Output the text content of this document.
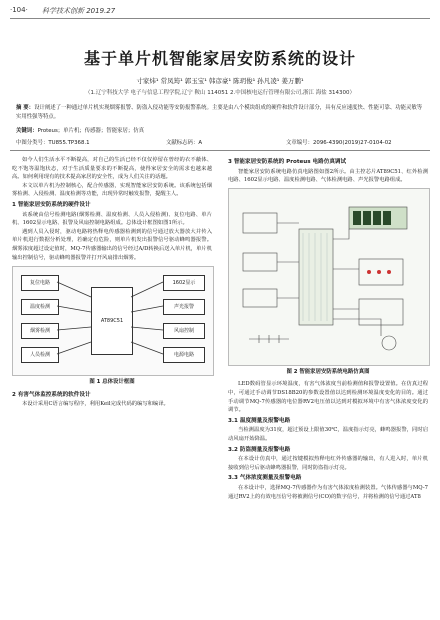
·104· 科学技术创新 2019.27
基于单片机智能家居安防系统的设计
寸家炜¹ 常凤筠¹ 郭玉宝¹ 韩彦豪¹ 陈玥俊¹ 孙凡凌¹ 姜万鹏¹
（1.辽宁科技大学 电子与信息工程学院,辽宁 鞍山 114051 2.中国核电运行管理有限公司,浙江 海盐 314300）
摘 要：设计阐述了一种通过单片机实现烟雾报警、防盗入侵功能等安防报警系统。主要是由八个模块组成的硬件和软件设计部分，具有反应速度快、性能可靠、功能灵敏等实用性强等特点。
关键词：Proteus；单片机；传感器；智能家居；仿真
中图分类号：TU855.TP368.1	文献标志码：A	文章编号：2096-4390(2019)27-0104-02

如今人们生活水平不断提高，对自己的生活已经不仅仅停留在曾经的衣不蔽体、吃不饱等温饱状态，对于生活质量要求的不断提高，使得家居安全的需求也越来越高。如何利用现有的技术提高家居的安全性，成为人们关注的话题。

本文以单片机为控制核心，配合传感器，实现智能家居安防系统。该系统包括烟雾检测、入侵检测、温度检测等功能，出现异常时触发报警，提醒主人。

1 智能家居安防系统的硬件设计

该系统由信号检测电路(烟雾检测、温度检测、人员入侵检测)、复位电路、单片机、1602显示电路、报警及风扇控制电路组成。总体设计框图如图1所示。

遇到人员入侵时，驱动电路将热释电传感器检测到的信号通过放大器放大并传入单片机进行数据分析处理，若确定有危险，则单片机发出报警信号驱动蜂鸣器报警。烟雾浓度超过设定值时，MQ-7传感器输出的信号经过A/D转换后送入单片机，单片机输出控制信号，驱动蜂鸣器报警并打开风扇排出烟雾。

复位电路
温度检测
烟雾检测
人员检测
AT89C51
1602显示
声光报警
风扇控制
电源电路
图 1 总体设计框图
2 有害气体监控系统的软件设计

本设计采用C语言编写程序，利用Keil完成代码的编写和编译。

3 智能家居安防系统的 Proteus 电路仿真调试

智能家居安防系统电路仿真电路图如图2所示。由主控芯片AT89C51、红外检测电路、1602显示电路、温度检测电路、气体检测电路、声光报警电路组成。

图 2 智能家居安防系统电路仿真图

LED数码管显示环境温度，有害气体浓度当前检测值和报警设置值。在仿真过程中，可通过手动调节DS18B20的参数设置值以达到检测环境温度变化的目的。通过手动调节MQ-7传感器的电位器RV2电压值以达到对模拟环境中有害气体浓度变化的调节。

3.1 温度测量及报警电路

当检测温度为31度，超过预设上限值30℃，温度指示灯亮，蜂鸣器报警，同时启动风扇开始降温。

3.2 防盗测量及报警电路

在本设计仿真中，通过按键模拟热释电红外传感器的输出，有人进入时，单片机接收到信号后驱动蜂鸣器报警，同时防盗指示灯亮。

3.3 气体浓度测量及报警电路

在本设计中，选择MQ-7传感器作为有害气体浓度检测装置。气体传感器与MQ-7通过RV2上的有效电压信号将被测信号(CO)的数字信号，并将检测的信号通过AT8
